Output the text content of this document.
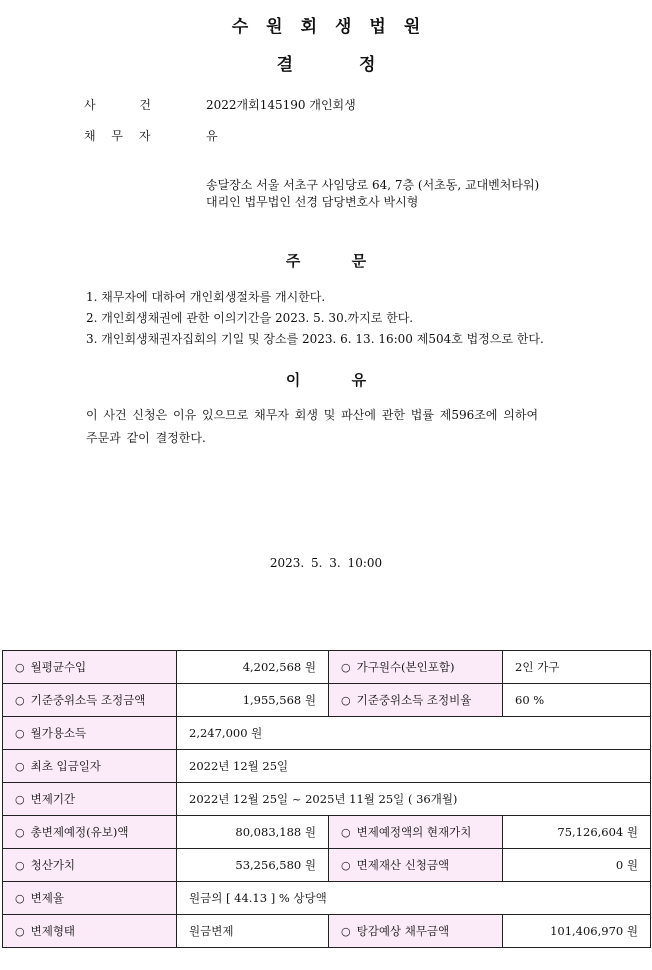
수원회생법원
결 정
사 건	2022개회145190 개인회생
채 무 자	유
송달장소 서울 서초구 사임당로 64, 7층 (서초동, 교대벤처타워)
대리인 법무법인 선경 담당변호사 박시형
주 문
1. 채무자에 대하여 개인회생절차를 개시한다.
2. 개인회생채권에 관한 이의기간을 2023. 5. 30.까지로 한다.
3. 개인회생채권자집회의 기일 및 장소를 2023. 6. 13. 16:00 제504호 법정으로 한다.
이 유
이 사건 신청은 이유 있으므로 채무자 회생 및 파산에 관한 법률 제596조에 의하여
주문과 같이 결정한다.
2023. 5. 3. 10:00
○ 월평균수입	4,202,568 원	○ 가구원수(본인포함)	2인 가구
○ 기준중위소득 조정금액	1,955,568 원	○ 기준중위소득 조정비율	60 %
○ 월가용소득	2,247,000 원		
○ 최초 입금일자	2022년 12월 25일		
○ 변제기간	2022년 12월 25일 ~ 2025년 11월 25일 ( 36개월)		
○ 총변제예정(유보)액	80,083,188 원	○ 변제예정액의 현재가치	75,126,604 원
○ 청산가치	53,256,580 원	○ 면제재산 신청금액	0 원
○ 변제율	원금의 [ 44.13 ] % 상당액		
○ 변제형태	원금변제	○ 탕감예상 채무금액	101,406,970 원
